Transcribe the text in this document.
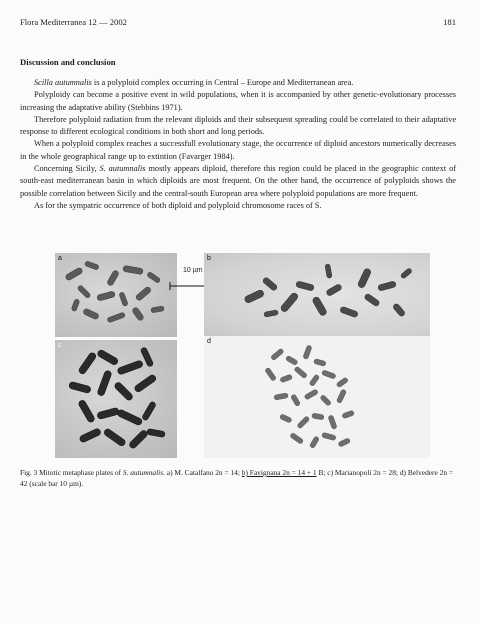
Flora Mediterranea 12 — 2002	181
Discussion and conclusion

Scilla autumnalis is a polyploid complex occurring in Central – Europe and Mediterranean area.

Polyploidy can become a positive event in wild populations, when it is accompanied by other genetic-evolutionary processes increasing the adaptative ability (Stebbins 1971).

Therefore polyploid radiation from the relevant diploids and their subsequent spreading could be correlated to their adaptative response to different ecological conditions in both short and long periods.

When a polyploid complex reaches a successfull evolutionary stage, the occurrence of diploid ancestors numerically decreases in the whole geographical range up to extintion (Favarger 1984).

Concerning Sicily, S. autumnalis mostly appears diploid, therefore this region could be placed in the geographic context of south-east mediterranean basin in which diploids are most frequent. On the other hand, the occurrence of polyploids shows the possible correlation between Sicily and the central-south European area where polyploid populations are more frequent.

As for the sympatric occurrence of both diploid and polyploid chromosome races of S.

a
10 µm
b
c
d
Fig. 3 Mitotic metaphase plates of S. autumnalis. a) M. Catalfano 2n = 14; b) Favignana 2n = 14 + 1 B; c) Marianopoli 2n = 28; d) Belvedere 2n = 42 (scale bar 10 µm).
